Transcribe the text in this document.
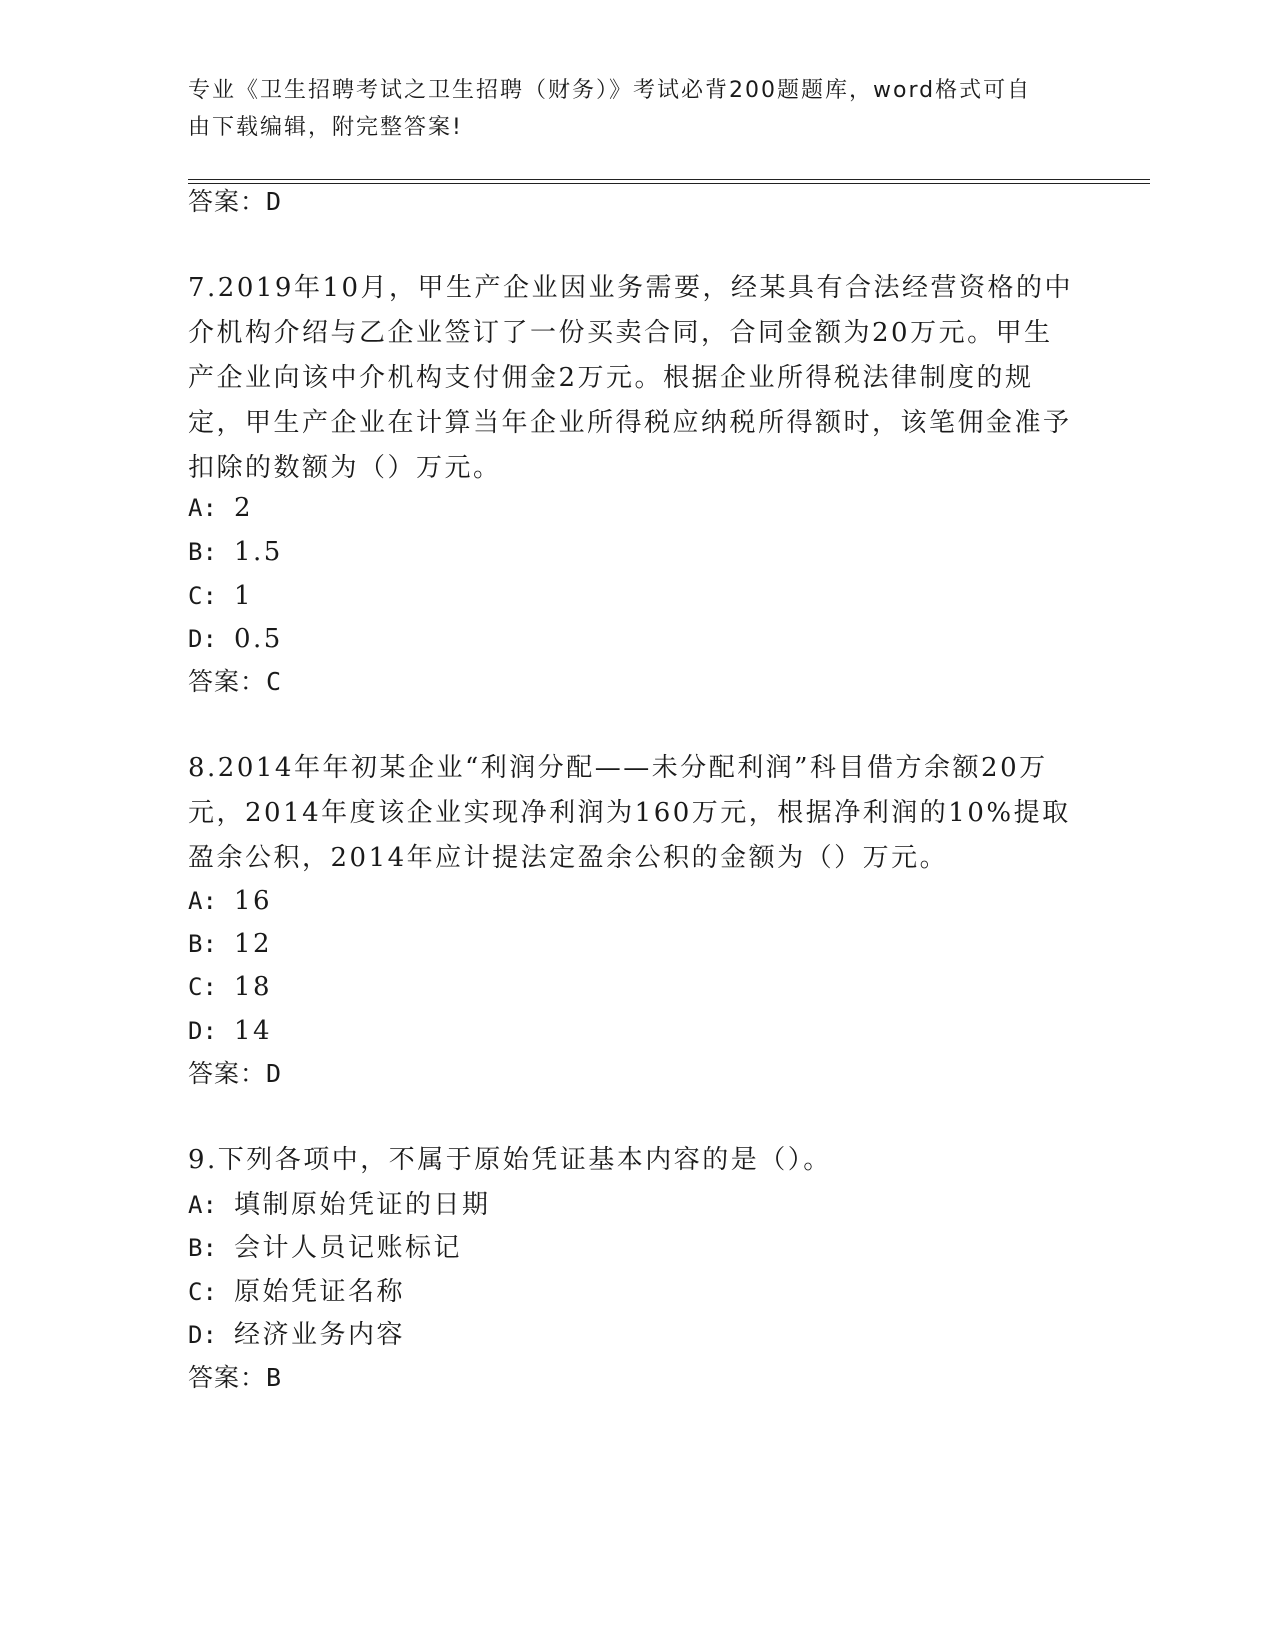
专业《卫生招聘考试之卫生招聘（财务）》考试必背200题题库，word格式可自
由下载编辑，附完整答案!

答案：D

7.2019年10月，甲生产企业因业务需要，经某具有合法经营资格的中介机构介绍与乙企业签订了一份买卖合同，合同金额为20万元。甲生产企业向该中介机构支付佣金2万元。根据企业所得税法律制度的规定，甲生产企业在计算当年企业所得税应纳税所得额时，该笔佣金准予扣除的数额为（）万元。

A: 2

B: 1.5

C: 1

D: 0.5

答案：C

8.2014年年初某企业“利润分配——未分配利润”科目借方余额20万元，2014年度该企业实现净利润为160万元，根据净利润的10%提取盈余公积，2014年应计提法定盈余公积的金额为（）万元。

A: 16

B: 12

C: 18

D: 14

答案：D

9.下列各项中，不属于原始凭证基本内容的是（）。

A: 填制原始凭证的日期

B: 会计人员记账标记

C: 原始凭证名称

D: 经济业务内容

答案：B
